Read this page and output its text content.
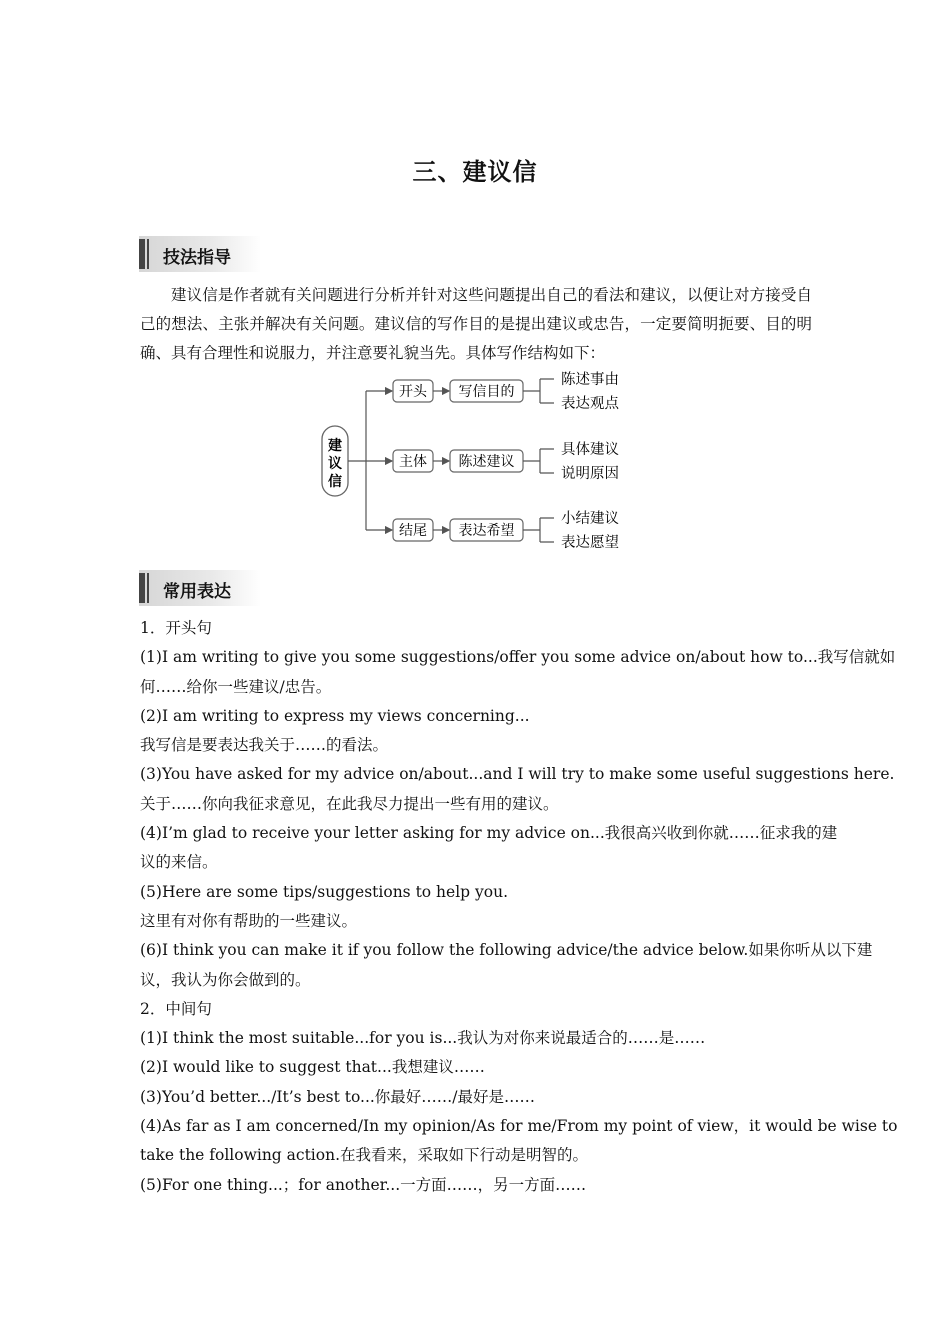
三、建议信
技法指导
建议信是作者就有关问题进行分析并针对这些问题提出自己的看法和建议，以便让对方接受自己的想法、主张并解决有关问题。建议信的写作目的是提出建议或忠告，一定要简明扼要、目的明确、具有合理性和说服力，并注意要礼貌当先。具体写作结构如下：
建
议
信
开头 写信目的
陈述事由
表达观点
主体 陈述建议
具体建议
说明原因
结尾 表达希望
小结建议
表达愿望
常用表达
1．开头句
(1)I am writing to give you some suggestions/offer you some advice on/about how to...我写信就如
何……给你一些建议/忠告。
(2)I am writing to express my views concerning...
我写信是要表达我关于……的看法。
(3)You have asked for my advice on/about...and I will try to make some useful suggestions here.
关于……你向我征求意见，在此我尽力提出一些有用的建议。
(4)I’m glad to receive your letter asking for my advice on...我很高兴收到你就……征求我的建
议的来信。
(5)Here are some tips/suggestions to help you.
这里有对你有帮助的一些建议。
(6)I think you can make it if you follow the following advice/the advice below.如果你听从以下建
议，我认为你会做到的。
2．中间句
(1)I think the most suitable...for you is...我认为对你来说最适合的……是……
(2)I would like to suggest that...我想建议……
(3)You’d better.../It’s best to...你最好……/最好是……
(4)As far as I am concerned/In my opinion/As for me/From my point of view，it would be wise to
take the following action.在我看来，采取如下行动是明智的。
(5)For one thing...；for another...一方面……，另一方面……
